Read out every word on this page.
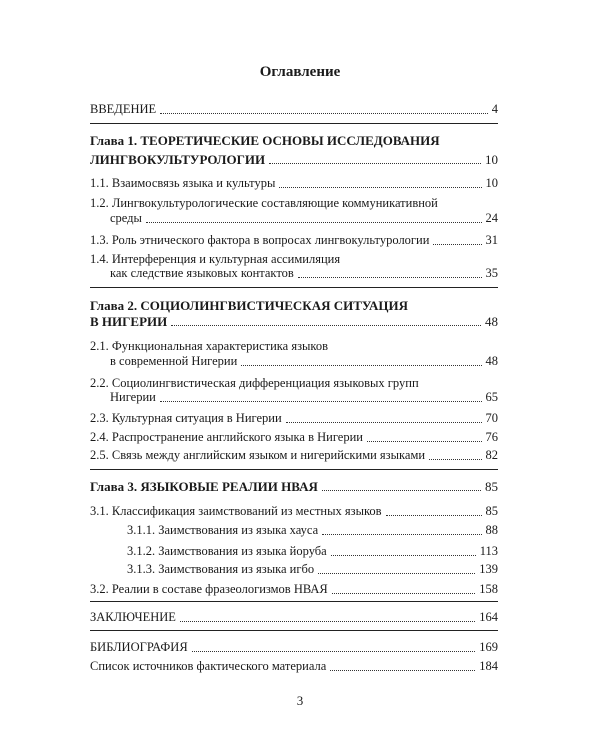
Оглавление
ВВЕДЕНИЕ	4
Глава 1. ТЕОРЕТИЧЕСКИЕ ОСНОВЫ ИССЛЕДОВАНИЯ
ЛИНГВОКУЛЬТУРОЛОГИИ	10
1.1. Взаимосвязь языка и культуры	10
1.2. Лингвокультурологические составляющие коммуникативной
среды	24
1.3. Роль этнического фактора в вопросах лингвокультурологии	31
1.4. Интерференция и культурная ассимиляция
как следствие языковых контактов	35
Глава 2. СОЦИОЛИНГВИСТИЧЕСКАЯ СИТУАЦИЯ
В НИГЕРИИ	48
2.1. Функциональная характеристика языков
в современной Нигерии	48
2.2. Социолингвистическая дифференциация языковых групп
Нигерии	65
2.3. Культурная ситуация в Нигерии	70
2.4. Распространение английского языка в Нигерии	76
2.5. Связь между английским языком и нигерийскими языками	82
Глава 3. ЯЗЫКОВЫЕ РЕАЛИИ НВАЯ	85
3.1. Классификация заимствований из местных языков	85
3.1.1. Заимствования из языка хауса	88
3.1.2. Заимствования из языка йоруба	113
3.1.3. Заимствования из языка игбо	139
3.2. Реалии в составе фразеологизмов НВАЯ	158
ЗАКЛЮЧЕНИЕ	164
БИБЛИОГРАФИЯ	169
Список источников фактического материала	184
3
